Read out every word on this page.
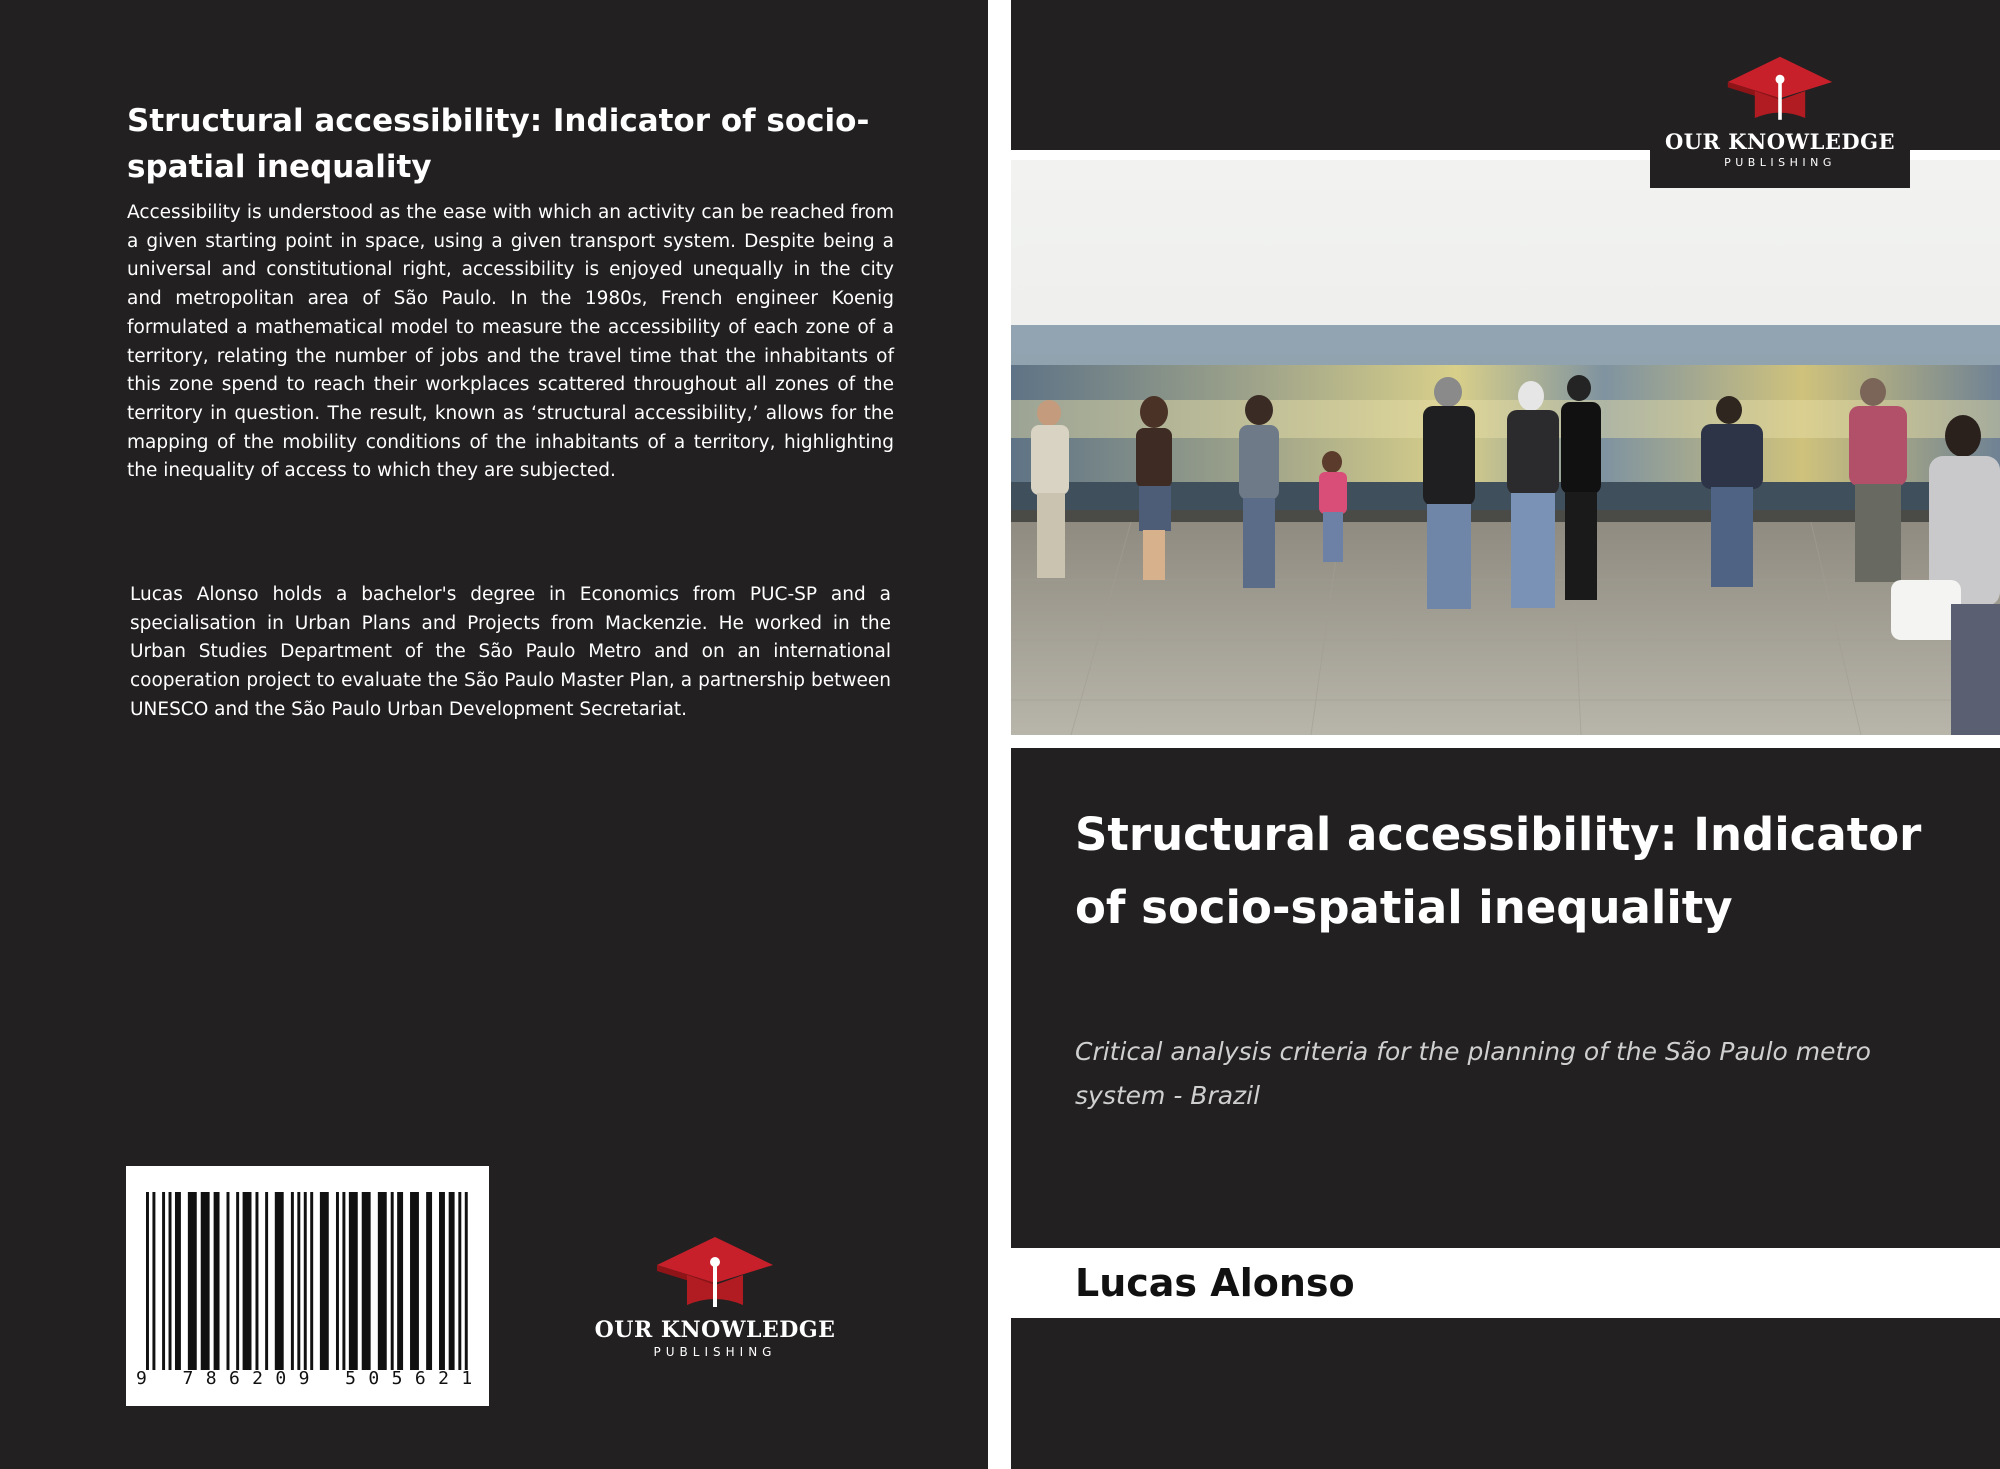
Structural accessibility: Indicator of socio-spatial inequality

Accessibility is understood as the ease with which an activity can be reached from a given starting point in space, using a given transport system. Despite being a universal and constitutional right, accessibility is enjoyed unequally in the city and metropolitan area of São Paulo. In the 1980s, French engineer Koenig formulated a mathematical model to measure the accessibility of each zone of a territory, relating the number of jobs and the travel time that the inhabitants of this zone spend to reach their workplaces scattered throughout all zones of the territory in question. The result, known as ‘structural accessibility,’ allows for the mapping of the mobility conditions of the inhabitants of a territory, highlighting the inequality of access to which they are subjected.

Lucas Alonso holds a bachelor's degree in Economics from PUC-SP and a specialisation in Urban Plans and Projects from Mackenzie. He worked in the Urban Studies Department of the São Paulo Metro and on an international cooperation project to evaluate the São Paulo Master Plan, a partnership between UNESCO and the São Paulo Urban Development Secretariat.

9 786209 505621
OUR KNOWLEDGE
PUBLISHING
OUR KNOWLEDGE
PUBLISHING
Structural accessibility: Indicator of socio-spatial inequality

Critical analysis criteria for the planning of the São Paulo metro system - Brazil

Lucas Alonso
